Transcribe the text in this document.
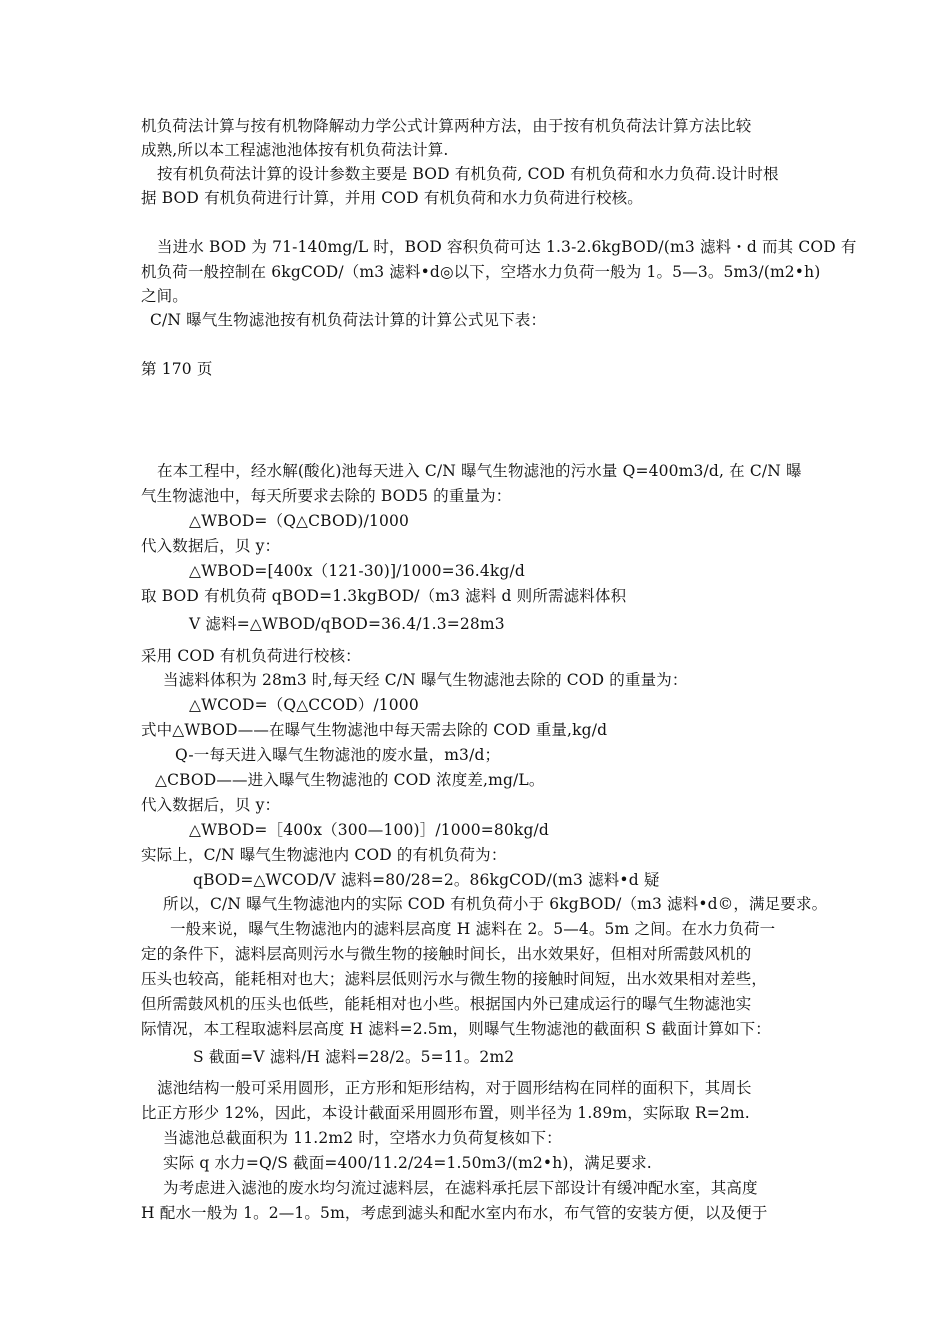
机负荷法计算与按有机物降解动力学公式计算两种方法，由于按有机负荷法计算方法比较
成熟,所以本工程滤池池体按有机负荷法计算.
按有机负荷法计算的设计参数主要是 BOD 有机负荷, COD 有机负荷和水力负荷.设计时根
据 BOD 有机负荷进行计算，并用 COD 有机负荷和水力负荷进行校核。
当进水 BOD 为 71-140mg/L 时，BOD 容积负荷可达 1.3-2.6kgBOD/(m3 滤料・d 而其 COD 有
机负荷一般控制在 6kgCOD/（m3 滤料•d◎以下，空塔水力负荷一般为 1。5—3。5m3/(m2•h)
之间。
C/N 曝气生物滤池按有机负荷法计算的计算公式见下表：
第 170 页
在本工程中，经水解(酸化)池每天进入 C/N 曝气生物滤池的污水量 Q=400m3/d, 在 C/N 曝
气生物滤池中，每天所要求去除的 BOD5 的重量为：
△WBOD=（Q△CBOD)/1000
代入数据后，贝 y：
△WBOD=[400x（121-30)]/1000=36.4kg/d
取 BOD 有机负荷 qBOD=1.3kgBOD/（m3 滤料 d 则所需滤料体积
V 滤料=△WBOD/qBOD=36.4/1.3=28m3
采用 COD 有机负荷进行校核：
当滤料体积为 28m3 时,每天经 C/N 曝气生物滤池去除的 COD 的重量为：
△WCOD=（Q△CCOD）/1000
式中△WBOD——在曝气生物滤池中每天需去除的 COD 重量,kg/d
Q-一每天进入曝气生物滤池的废水量，m3/d；
△CBOD——进入曝气生物滤池的 COD 浓度差,mg/L。
代入数据后，贝 y：
△WBOD=［400x（300—100)］/1000=80kg/d
实际上，C/N 曝气生物滤池内 COD 的有机负荷为：
qBOD=△WCOD/V 滤料=80/28=2。86kgCOD/(m3 滤料•d 疑
所以，C/N 曝气生物滤池内的实际 COD 有机负荷小于 6kgBOD/（m3 滤料•d©，满足要求。
一般来说，曝气生物滤池内的滤料层高度 H 滤料在 2。5—4。5m 之间。在水力负荷一
定的条件下，滤料层高则污水与微生物的接触时间长，出水效果好，但相对所需鼓风机的
压头也较高，能耗相对也大；滤料层低则污水与微生物的接触时间短，出水效果相对差些，
但所需鼓风机的压头也低些，能耗相对也小些。根据国内外已建成运行的曝气生物滤池实
际情况，本工程取滤料层高度 H 滤料=2.5m，则曝气生物滤池的截面积 S 截面计算如下：
S 截面=V 滤料/H 滤料=28/2。5=11。2m2
滤池结构一般可采用圆形，正方形和矩形结构，对于圆形结构在同样的面积下，其周长
比正方形少 12%，因此，本设计截面采用圆形布置，则半径为 1.89m，实际取 R=2m.
当滤池总截面积为 11.2m2 时，空塔水力负荷复核如下：
实际 q 水力=Q/S 截面=400/11.2/24=1.50m3/(m2•h)，满足要求.
为考虑进入滤池的废水均匀流过滤料层，在滤料承托层下部设计有缓冲配水室，其高度
H 配水一般为 1。2—1。5m，考虑到滤头和配水室内布水，布气管的安装方便，以及便于
